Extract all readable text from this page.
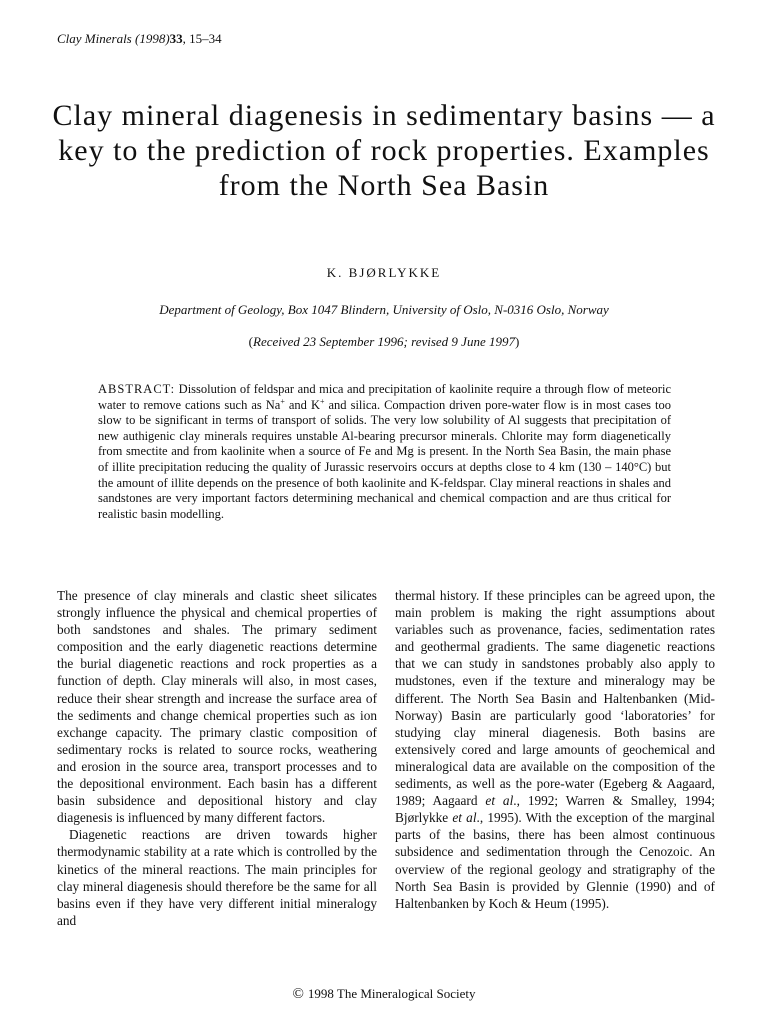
Clay Minerals (1998)33, 15–34
Clay mineral diagenesis in sedimentary basins — a key to the prediction of rock properties. Examples from the North Sea Basin
K. BJØRLYKKE
Department of Geology, Box 1047 Blindern, University of Oslo, N-0316 Oslo, Norway
(Received 23 September 1996; revised 9 June 1997)
ABSTRACT: Dissolution of feldspar and mica and precipitation of kaolinite require a through flow of meteoric water to remove cations such as Na+ and K+ and silica. Compaction driven pore-water flow is in most cases too slow to be significant in terms of transport of solids. The very low solubility of Al suggests that precipitation of new authigenic clay minerals requires unstable Al-bearing precursor minerals. Chlorite may form diagenetically from smectite and from kaolinite when a source of Fe and Mg is present. In the North Sea Basin, the main phase of illite precipitation reducing the quality of Jurassic reservoirs occurs at depths close to 4 km (130 – 140°C) but the amount of illite depends on the presence of both kaolinite and K-feldspar. Clay mineral reactions in shales and sandstones are very important factors determining mechanical and chemical compaction and are thus critical for realistic basin modelling.

The presence of clay minerals and clastic sheet silicates strongly influence the physical and chemical properties of both sandstones and shales. The primary sediment composition and the early diagenetic reactions determine the burial diagenetic reactions and rock properties as a function of depth. Clay minerals will also, in most cases, reduce their shear strength and increase the surface area of the sediments and change chemical properties such as ion exchange capacity. The primary clastic composition of sedimentary rocks is related to source rocks, weathering and erosion in the source area, transport processes and to the depositional environment. Each basin has a different basin subsidence and depositional history and clay diagenesis is influenced by many different factors.

Diagenetic reactions are driven towards higher thermodynamic stability at a rate which is controlled by the kinetics of the mineral reactions. The main principles for clay mineral diagenesis should therefore be the same for all basins even if they have very different initial mineralogy and

thermal history. If these principles can be agreed upon, the main problem is making the right assumptions about variables such as provenance, facies, sedimentation rates and geothermal gradients. The same diagenetic reactions that we can study in sandstones probably also apply to mudstones, even if the texture and mineralogy may be different. The North Sea Basin and Haltenbanken (Mid-Norway) Basin are particularly good ‘laboratories’ for studying clay mineral diagenesis. Both basins are extensively cored and large amounts of geochemical and mineralogical data are available on the composition of the sediments, as well as the pore-water (Egeberg & Aagaard, 1989; Aagaard et al., 1992; Warren & Smalley, 1994; Bjørlykke et al., 1995). With the exception of the marginal parts of the basins, there has been almost continuous subsidence and sedimentation through the Cenozoic. An overview of the regional geology and stratigraphy of the North Sea Basin is provided by Glennie (1990) and of Haltenbanken by Koch & Heum (1995).

© 1998 The Mineralogical Society
